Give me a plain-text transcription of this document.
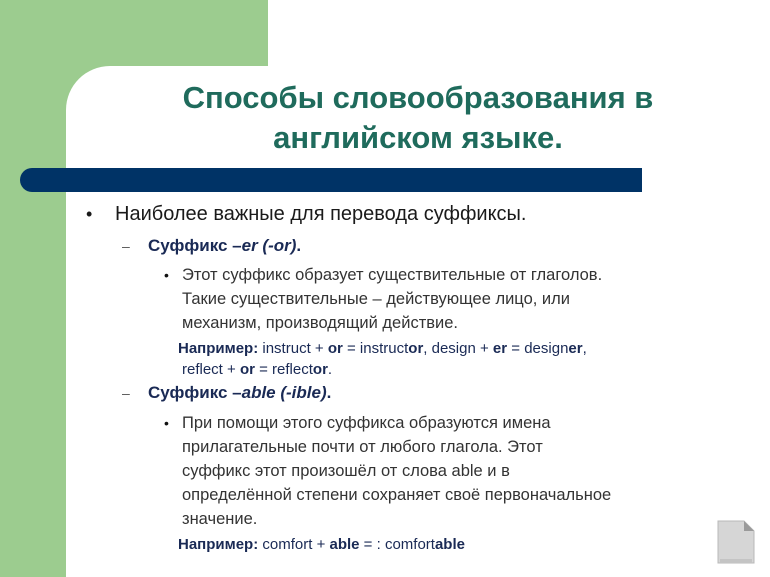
Способы словообразования в
английском языке.
• Наиболее важные для перевода суффиксы.
– Суффикс –er (-or).
• Этот суффикс образует существительные от глаголов.
Такие существительные – действующее лицо, или
механизм, производящий действие.
Например: instruct + or = instructor, design + er = designer,
reflect + or = reflector.
– Суффикс –able (-ible).
• При помощи этого суффикса образуются имена
прилагательные почти от любого глагола. Этот
суффикс этот произошёл от слова able и в
определённой степени сохраняет своё первоначальное
значение.
Например: comfort + able = : comfortable
